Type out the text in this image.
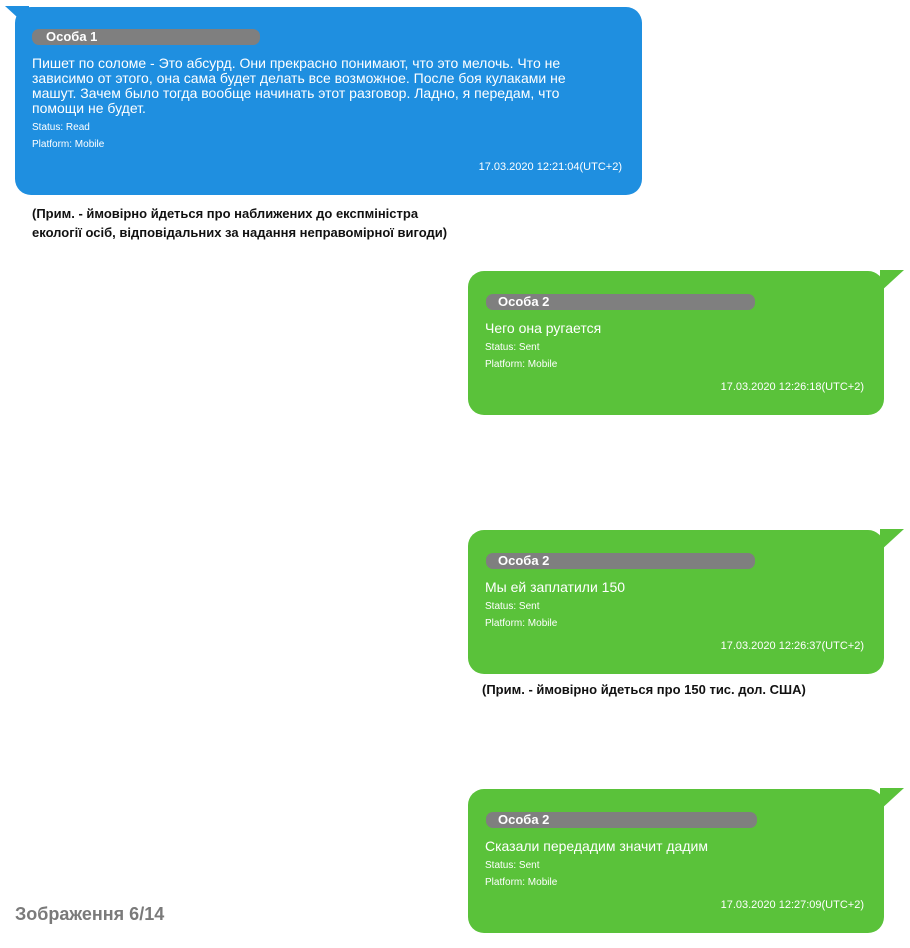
Особа 1
Пишет по соломе - Это абсурд. Они прекрасно понимают, что это мелочь. Что не зависимо от этого, она сама будет делать все возможное. После боя кулаками не машут. Зачем было тогда вообще начинать этот разговор. Ладно, я передам, что помощи не будет.
Status: Read
Platform: Mobile
17.03.2020 12:21:04(UTC+2)
(Прим. - ймовірно йдеться про наближених до експміністра
екології осіб, відповідальних за надання неправомірної вигоди)
Особа 2
Чего она ругается
Status: Sent
Platform: Mobile
17.03.2020 12:26:18(UTC+2)
Особа 2
Мы ей заплатили 150
Status: Sent
Platform: Mobile
17.03.2020 12:26:37(UTC+2)
(Прим. - ймовірно йдеться про 150 тис. дол. США)
Особа 2
Сказали передадим значит дадим
Status: Sent
Platform: Mobile
17.03.2020 12:27:09(UTC+2)
Зображення 6/14
